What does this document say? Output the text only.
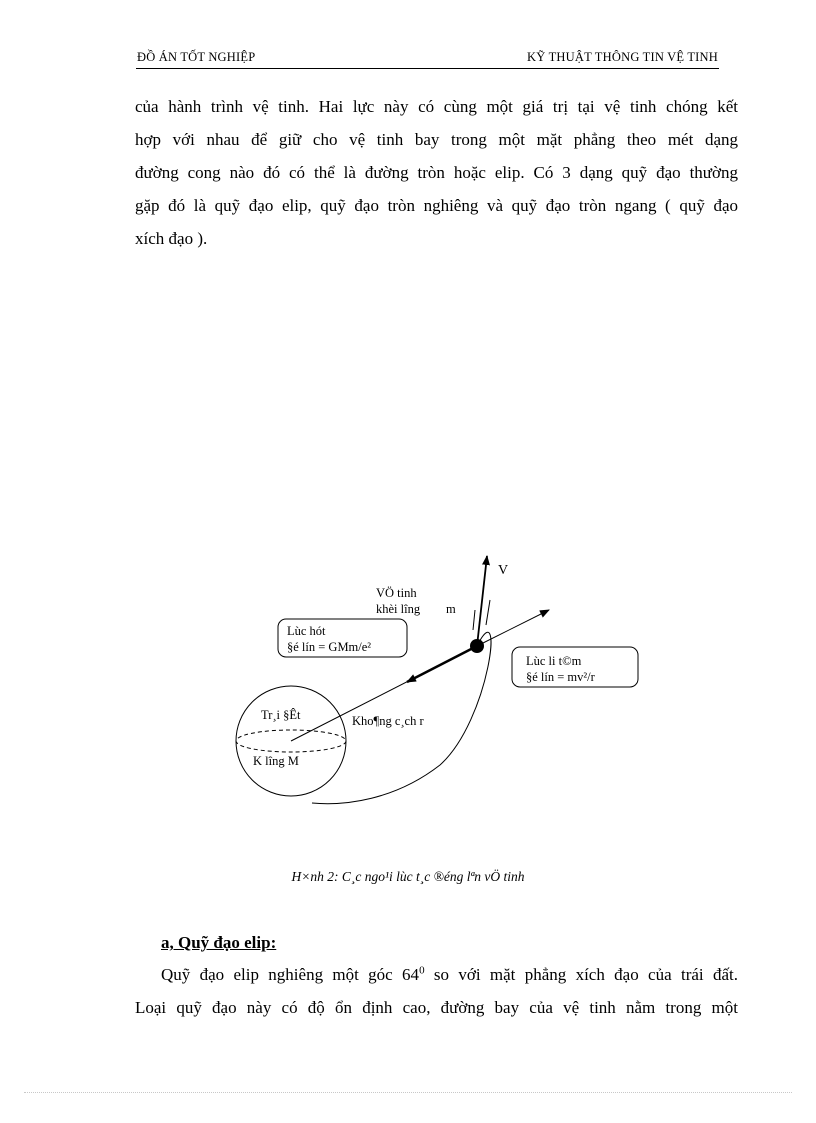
ĐỒ ÁN TỐT NGHIỆP	KỸ THUẬT THÔNG TIN VỆ TINH

của hành trình vệ tinh. Hai lực này có cùng một giá trị tại vệ tinh chóng kết

hợp với nhau để giữ cho vệ tinh bay trong một mặt phẳng theo mét dạng

đường cong nào đó có thể là đường tròn hoặc elip. Có 3 dạng quỹ đạo thường

gặp đó là quỹ đạo elip, quỹ đạo tròn nghiêng và quỹ đạo tròn ngang ( quỹ đạo

xích đạo ).

V
VÖ tinh
khèi lîng m
Lùc hót
§é lín = GMm/e²
Lùc li t©m
§é lín = mv²/r
Tr¸i §Êt	Kho¶ng c¸ch r
K lîng M
H×nh 2: C¸c ngo¹i lùc t¸c ®éng lªn vÖ tinh
a, Quỹ đạo elip:
Quỹ đạo elip nghiêng một góc $64^0$ so với mặt phẳng xích đạo của trái đất.

Loại quỹ đạo này có độ ổn định cao, đường bay của vệ tinh nằm trong một
